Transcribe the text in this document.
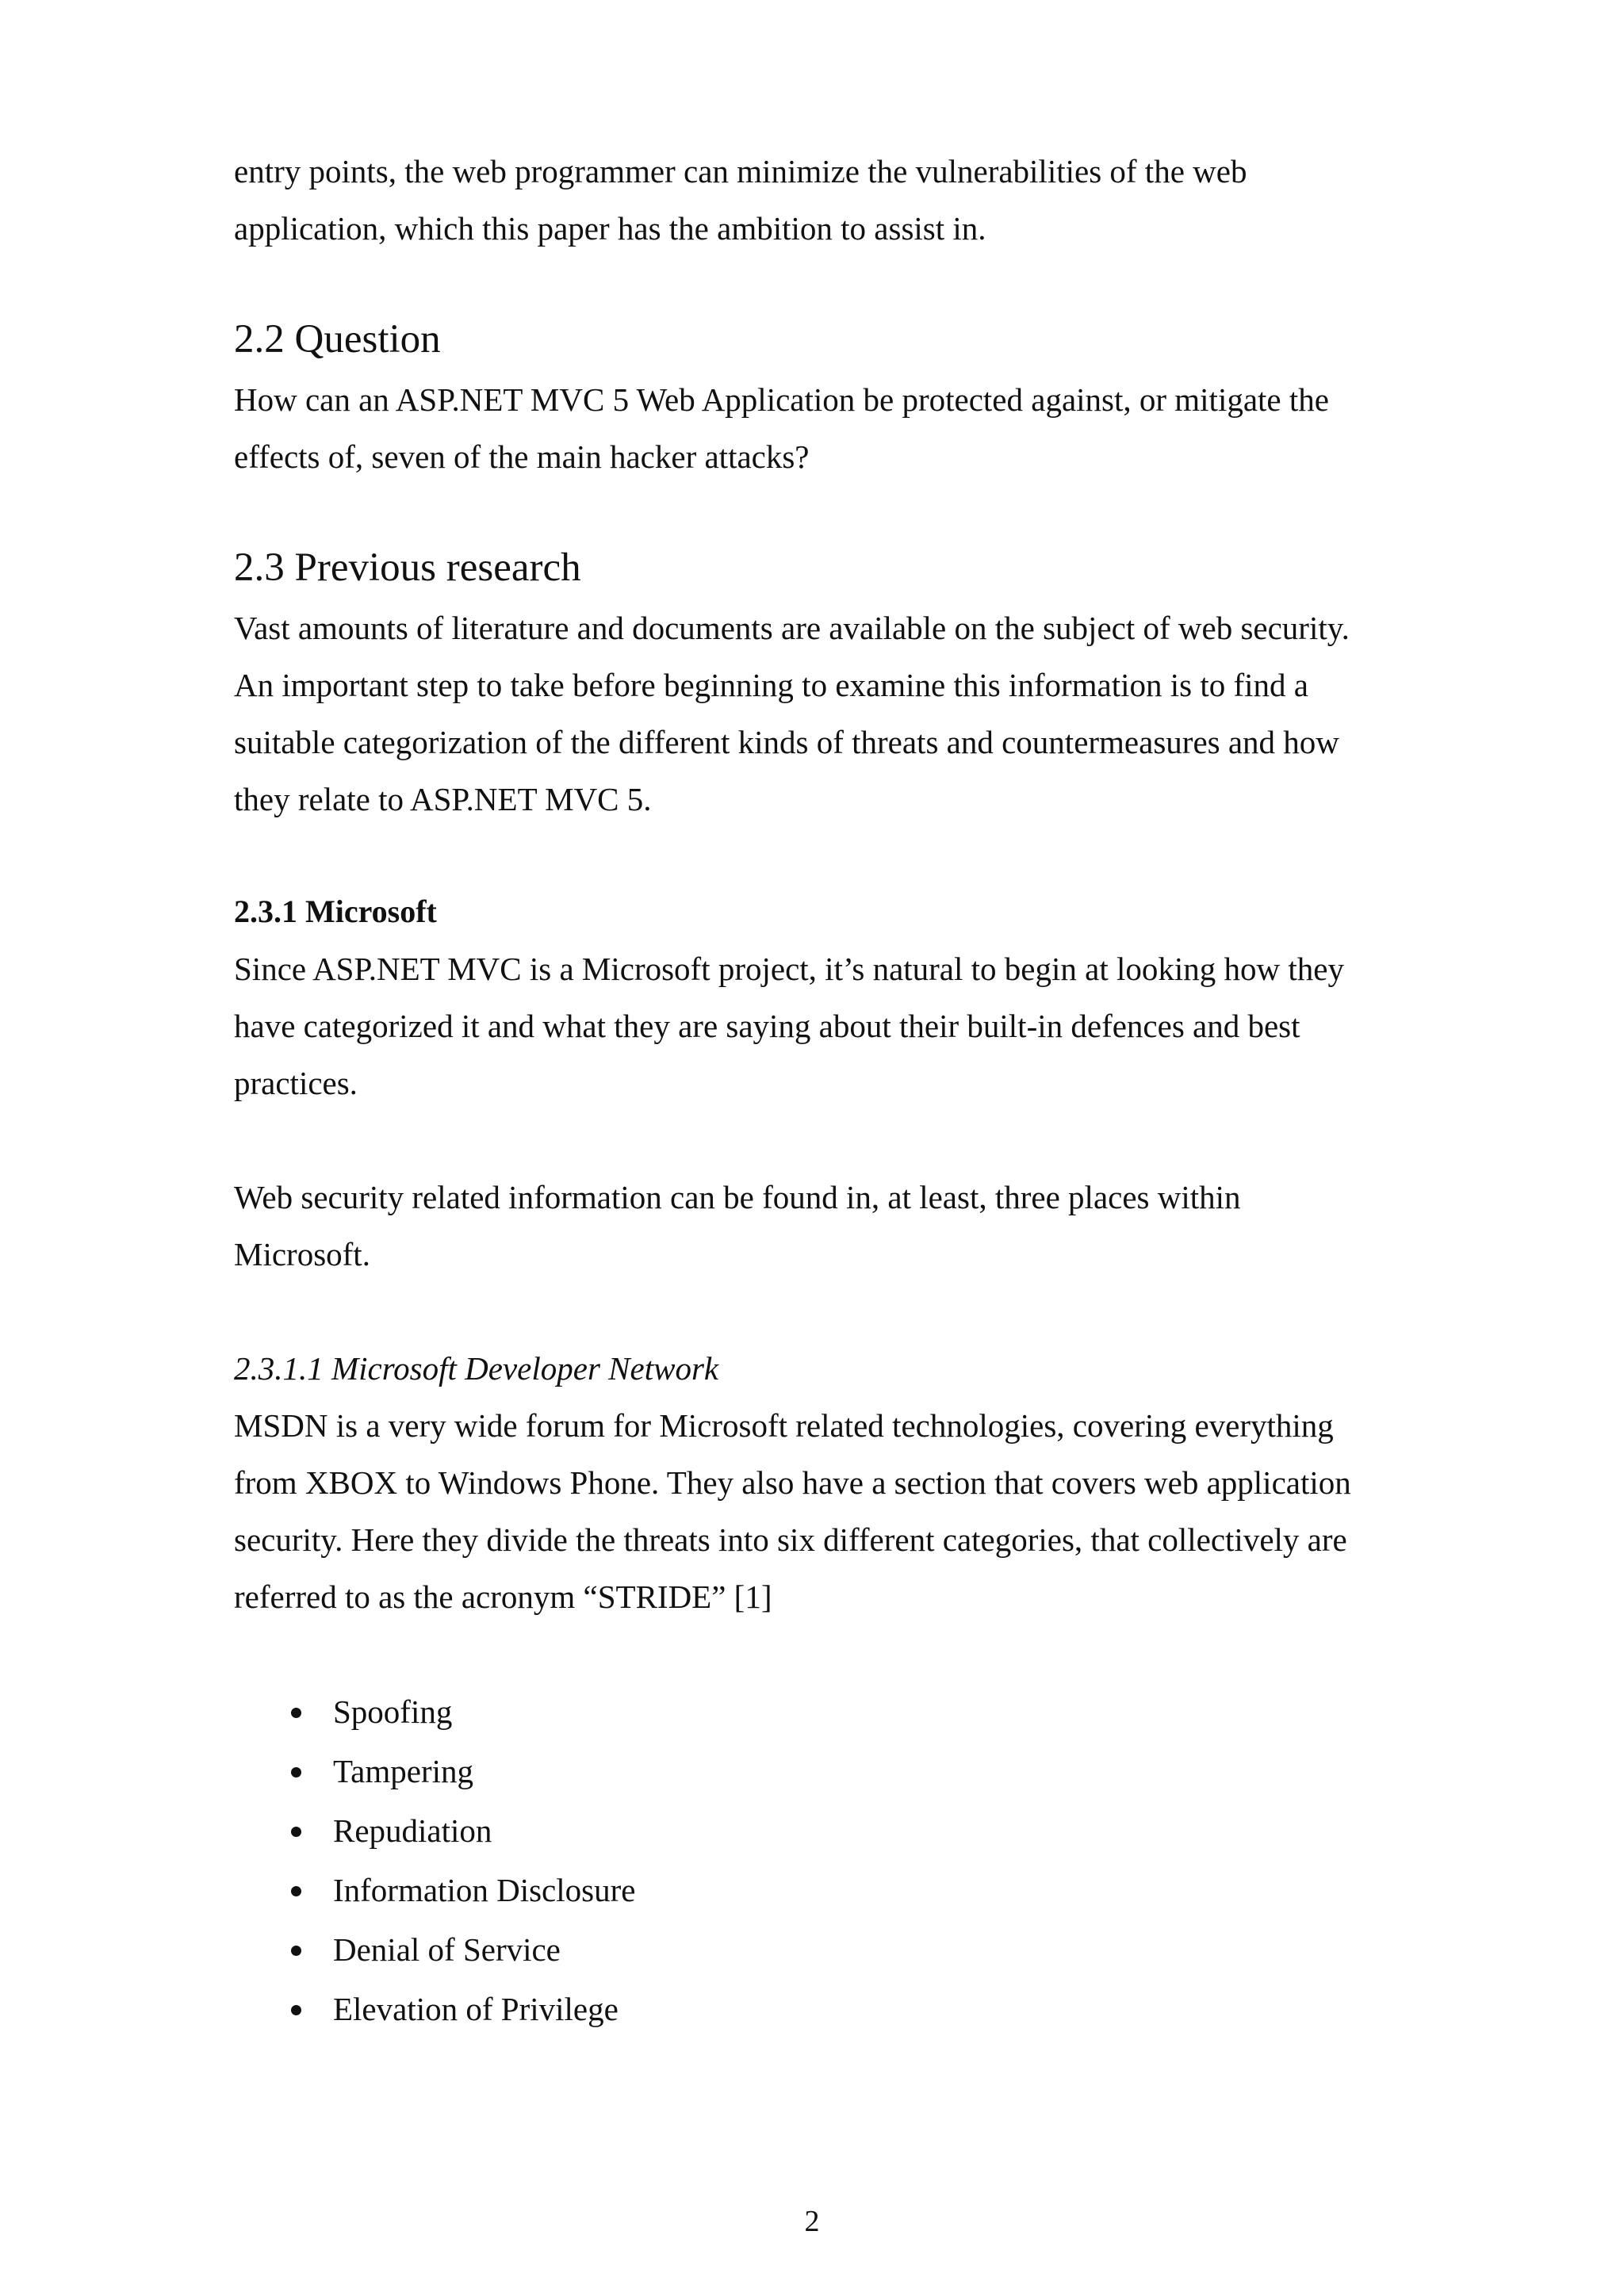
entry points, the web programmer can minimize the vulnerabilities of the web
application, which this paper has the ambition to assist in.
2.2 Question
How can an ASP.NET MVC 5 Web Application be protected against, or mitigate the
effects of, seven of the main hacker attacks?
2.3 Previous research
Vast amounts of literature and documents are available on the subject of web security.
An important step to take before beginning to examine this information is to find a
suitable categorization of the different kinds of threats and countermeasures and how
they relate to ASP.NET MVC 5.
2.3.1 Microsoft
Since ASP.NET MVC is a Microsoft project, it’s natural to begin at looking how they
have categorized it and what they are saying about their built-in defences and best
practices.
Web security related information can be found in, at least, three places within
Microsoft.
2.3.1.1 Microsoft Developer Network
MSDN is a very wide forum for Microsoft related technologies, covering everything
from XBOX to Windows Phone. They also have a section that covers web application
security. Here they divide the threats into six different categories, that collectively are
referred to as the acronym “STRIDE” [1]
Spoofing
Tampering
Repudiation
Information Disclosure
Denial of Service
Elevation of Privilege
2
